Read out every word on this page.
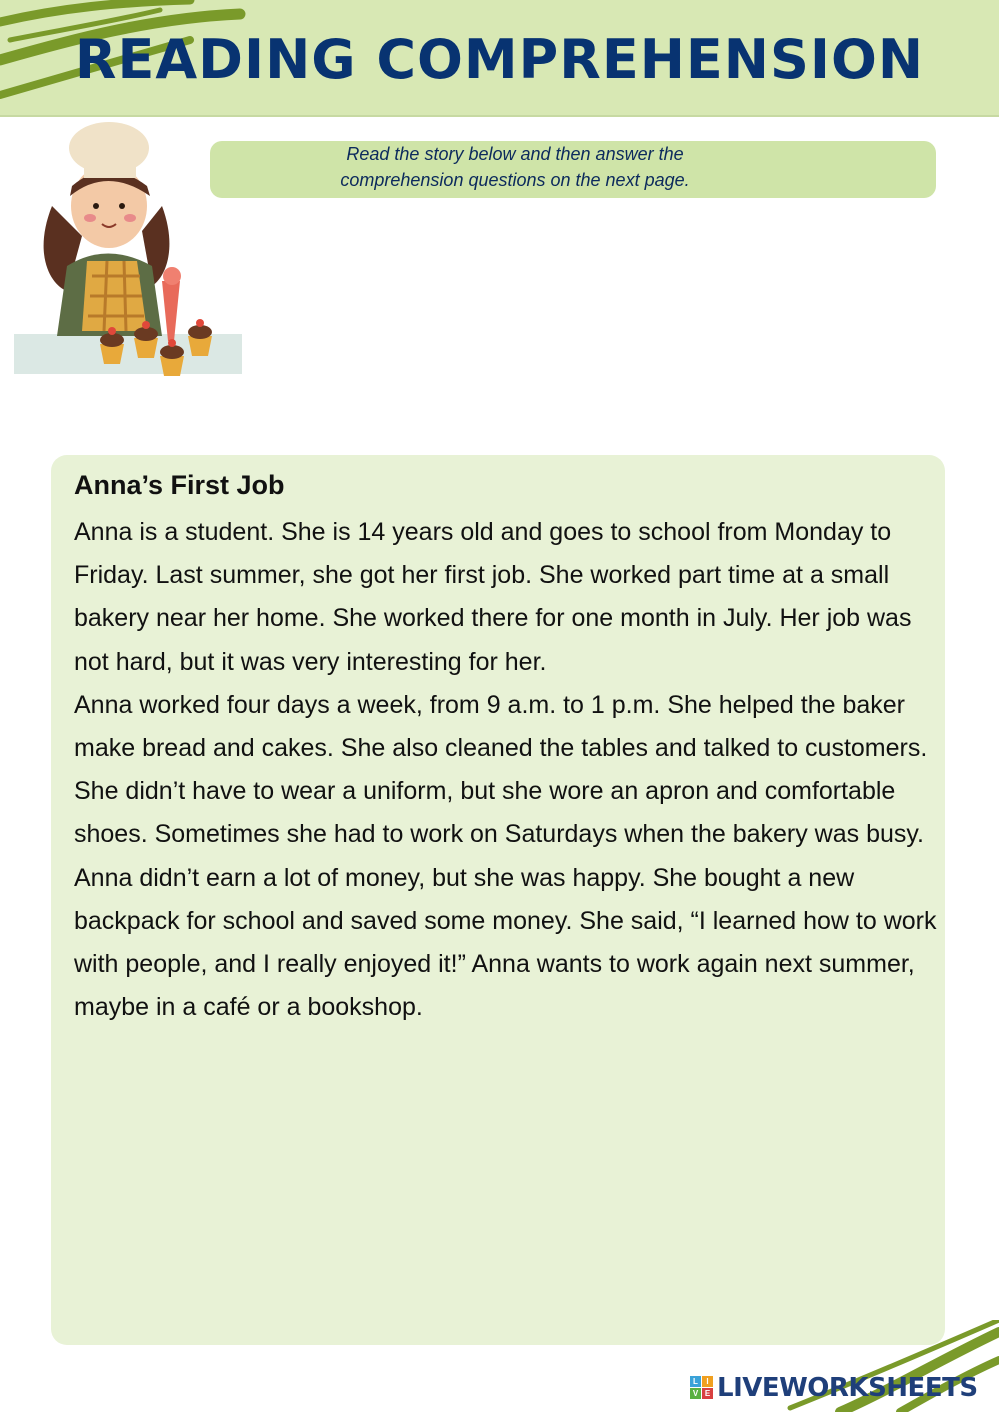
READING COMPREHENSION

Read the story below and then answer the comprehension questions on the next page.

Anna’s First Job

Anna is a student. She is 14 years old and goes to school from Monday to Friday. Last summer, she got her first job. She worked part time at a small bakery near her home. She worked there for one month in July. Her job was not hard, but it was very interesting for her.

Anna worked four days a week, from 9 a.m. to 1 p.m. She helped the baker make bread and cakes. She also cleaned the tables and talked to customers. She didn’t have to wear a uniform, but she wore an apron and comfortable shoes. Sometimes she had to work on Saturdays when the bakery was busy.

Anna didn’t earn a lot of money, but she was happy. She bought a new backpack for school and saved some money. She said, “I learned how to work with people, and I really enjoyed it!” Anna wants to work again next summer, maybe in a café or a bookshop.

L	I
V E LIVEWORKSHEETS
